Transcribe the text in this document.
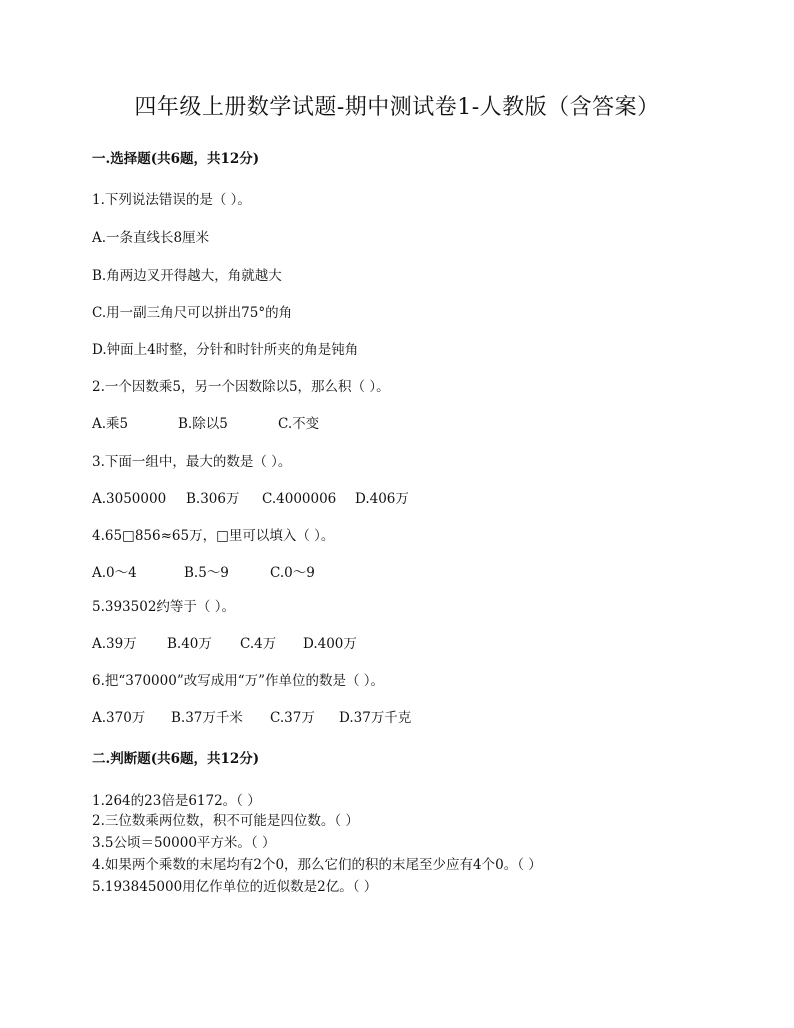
四年级上册数学试题-期中测试卷1-人教版（含答案）
一.选择题(共6题，共12分)
1.下列说法错误的是（ ）。
A.一条直线长8厘米
B.角两边叉开得越大，角就越大
C.用一副三角尺可以拼出75°的角
D.钟面上4时整，分针和时针所夹的角是钝角
2.一个因数乘5，另一个因数除以5，那么积（ ）。
A.乘5	B.除以5	C.不变
3.下面一组中，最大的数是（ ）。
A.3050000 B.306万 C.4000006 D.406万
4.65□856≈65万，□里可以填入（ ）。
A.0～4	B.5～9	C.0～9
5.393502约等于（ ）。
A.39万 B.40万 C.4万 D.400万
6.把“370000”改写成用“万”作单位的数是（ ）。
A.370万 B.37万千米 C.37万 D.37万千克
二.判断题(共6题，共12分)
1.264的23倍是6172。（ ）
2.三位数乘两位数，积不可能是四位数。（ ）
3.5公顷＝50000平方米。（ ）
4.如果两个乘数的末尾均有2个0，那么它们的积的末尾至少应有4个0。（ ）
5.193845000用亿作单位的近似数是2亿。（ ）
